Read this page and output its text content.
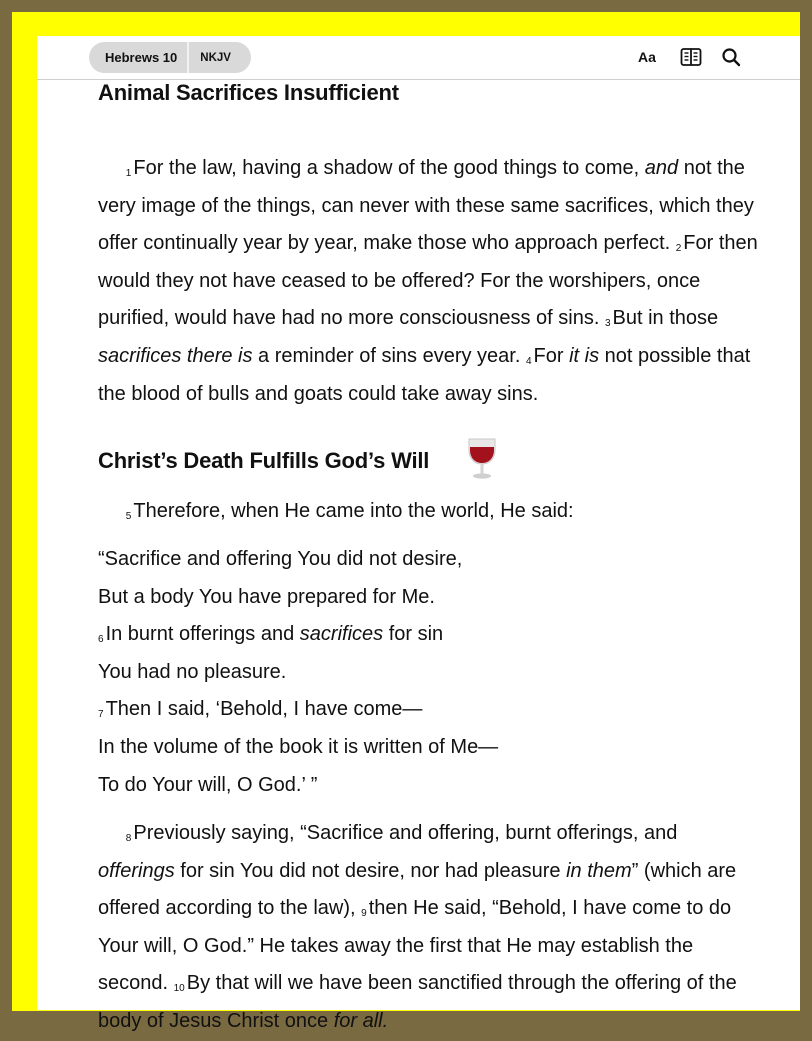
Hebrews 10	NKJV	Aa
Animal Sacrifices Insufficient

$^1$ For the law, having a shadow of the good things to come, and not the very image of the things, can never with these same sacrifices, which they offer continually year by year, make those who approach perfect. $^2$ For then would they not have ceased to be offered? For the worshipers, once purified, would have had no more consciousness of sins. $^3$ But in those sacrifices there is a reminder of sins every year. $^4$ For it is not possible that the blood of bulls and goats could take away sins.

Christ’s Death Fulfills God’s Will

$^5$ Therefore, when He came into the world, He said:

“Sacrifice and offering You did not desire,
But a body You have prepared for Me.
$^6$ In burnt offerings and sacrifices for sin
You had no pleasure.
$^7$ Then I said, ‘Behold, I have come—
In the volume of the book it is written of Me—
To do Your will, O God.’ ”

$^8$ Previously saying, “Sacrifice and offering, burnt offerings, and offerings for sin You did not desire, nor had pleasure in them” (which are offered according to the law), $^9$ then He said, “Behold, I have come to do Your will, O God.” He takes away the first that He may establish the second. $^{10}$ By that will we have been sanctified through the offering of the body of Jesus Christ once for all.
